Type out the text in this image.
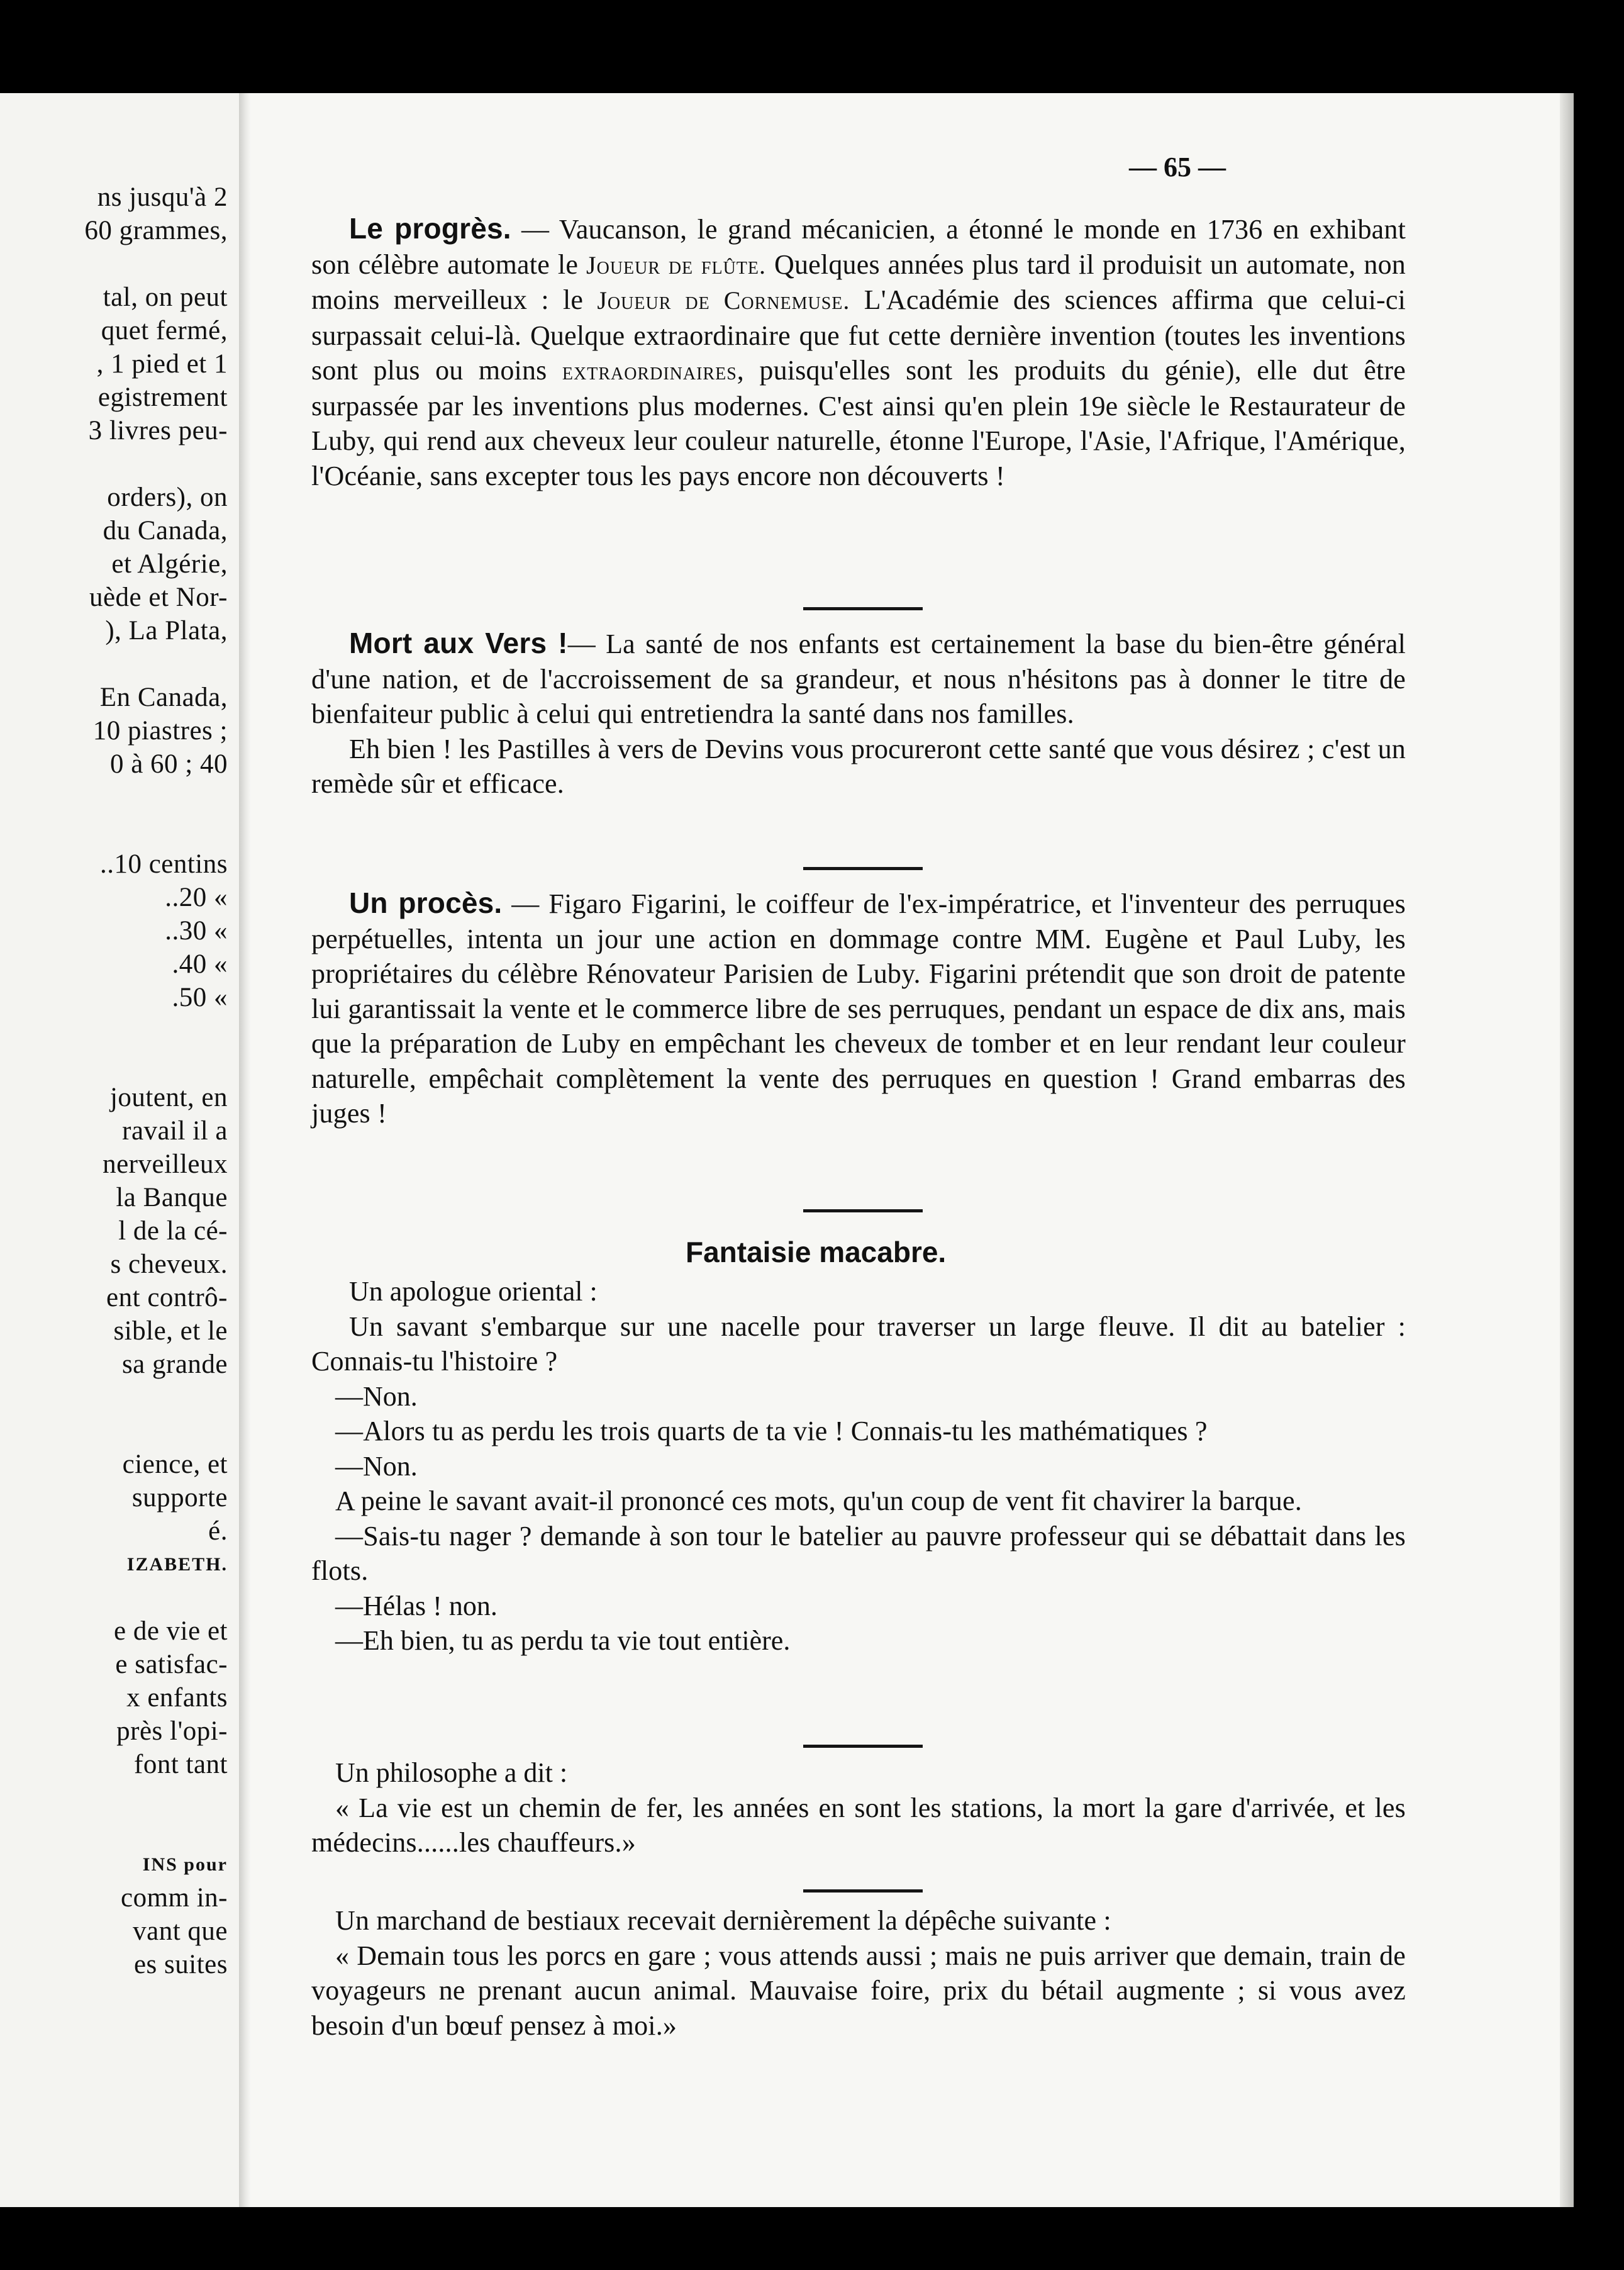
ns jusqu'à 2
60 grammes,
tal, on peut
quet fermé,
, 1 pied et 1
egistrement
3 livres peu-
orders), on
du Canada,
et Algérie,
uède et Nor-
), La Plata,
En Canada,
10 piastres ;
0 à 60 ; 40
..10 centins
..20 «
..30 «
.40 «
.50 «
joutent, en
ravail il a
nerveilleux
la Banque
l de la cé-
s cheveux.
ent contrô-
sible, et le
sa grande
cience, et
supporte
é.
IZABETH.
e de vie et
e satisfac-
x enfants
près l'opi-
font tant
INS pour
comm in-
vant que
es suites
— 65 —

Le progrès. — Vaucanson, le grand mécanicien, a étonné le monde en 1736 en exhibant son célèbre automate le Joueur de flûte. Quelques années plus tard il produisit un automate, non moins merveilleux : le Joueur de Cornemuse. L'Académie des sciences affirma que celui-ci surpassait celui-là. Quelque extraordinaire que fut cette dernière invention (toutes les inventions sont plus ou moins extraordinaires, puisqu'elles sont les produits du génie), elle dut être surpassée par les inventions plus modernes. C'est ainsi qu'en plein 19e siècle le Restaurateur de Luby, qui rend aux cheveux leur couleur naturelle, étonne l'Europe, l'Asie, l'Afrique, l'Amérique, l'Océanie, sans excepter tous les pays encore non découverts !

Mort aux Vers !— La santé de nos enfants est certainement la base du bien-être général d'une nation, et de l'accroissement de sa grandeur, et nous n'hésitons pas à donner le titre de bienfaiteur public à celui qui entretiendra la santé dans nos familles.

Eh bien ! les Pastilles à vers de Devins vous procureront cette santé que vous désirez ; c'est un remède sûr et efficace.

Un procès. — Figaro Figarini, le coiffeur de l'ex-impératrice, et l'inventeur des perruques perpétuelles, intenta un jour une action en dommage contre MM. Eugène et Paul Luby, les propriétaires du célèbre Rénovateur Parisien de Luby. Figarini prétendit que son droit de patente lui garantissait la vente et le commerce libre de ses perruques, pendant un espace de dix ans, mais que la préparation de Luby en empêchant les cheveux de tomber et en leur rendant leur couleur naturelle, empêchait complètement la vente des perruques en question ! Grand embarras des juges !

Fantaisie macabre.
Un apologue oriental :

Un savant s'embarque sur une nacelle pour traverser un large fleuve. Il dit au batelier : Connais-tu l'histoire ?

—Non.

—Alors tu as perdu les trois quarts de ta vie ! Connais-tu les mathématiques ?

—Non.

A peine le savant avait-il prononcé ces mots, qu'un coup de vent fit chavirer la barque.

—Sais-tu nager ? demande à son tour le batelier au pauvre professeur qui se débattait dans les flots.

—Hélas ! non.
—Eh bien, tu as perdu ta vie tout entière.
Un philosophe a dit :

« La vie est un chemin de fer, les années en sont les stations, la mort la gare d'arrivée, et les médecins......les chauffeurs.»

Un marchand de bestiaux recevait dernièrement la dépêche suivante :

« Demain tous les porcs en gare ; vous attends aussi ; mais ne puis arriver que demain, train de voyageurs ne prenant aucun animal. Mauvaise foire, prix du bétail augmente ; si vous avez besoin d'un bœuf pensez à moi.»
